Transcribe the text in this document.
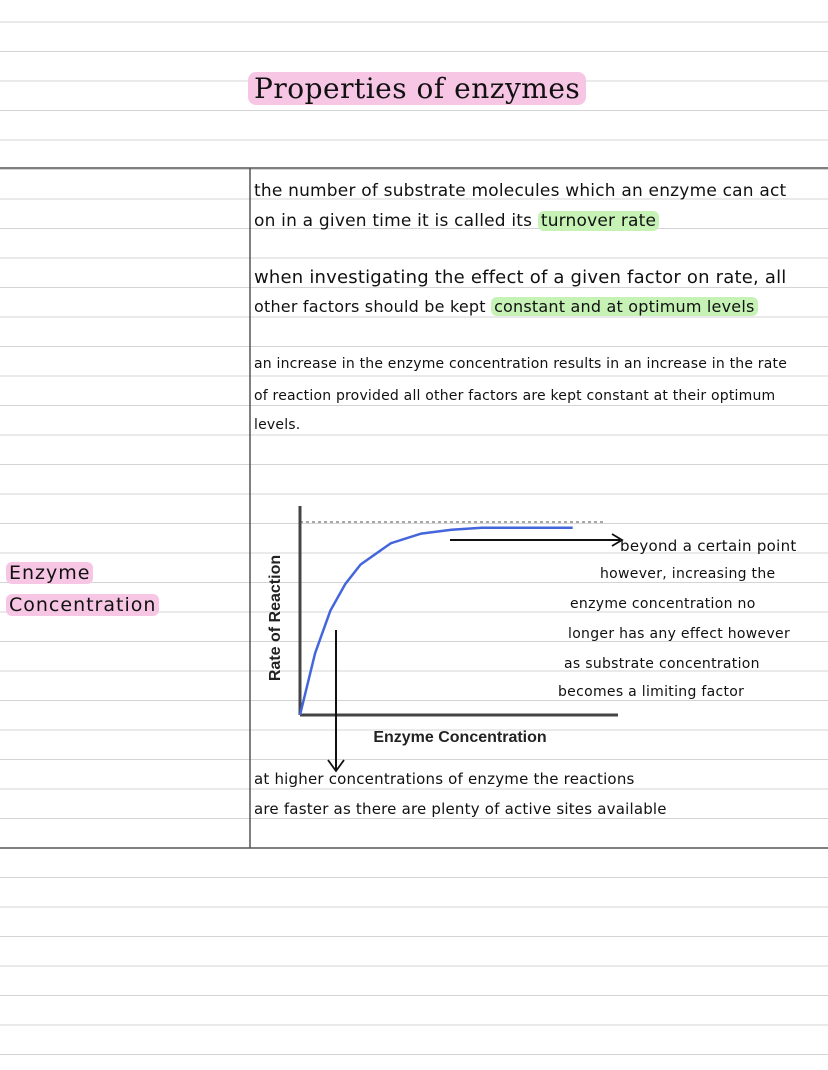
Properties of enzymes
Enzyme
Concentration
the number of substrate molecules which an enzyme can act
on in a given time it is called its turnover rate
when investigating the effect of a given factor on rate, all
other factors should be kept constant and at optimum levels
an increase in the enzyme concentration results in an increase in the rate
of reaction provided all other factors are kept constant at their optimum
levels.
Rate of Reaction
Enzyme Concentration
beyond a certain point
however, increasing the
enzyme concentration no
longer has any effect however
as substrate concentration
becomes a limiting factor
at higher concentrations of enzyme the reactions
are faster as there are plenty of active sites available
